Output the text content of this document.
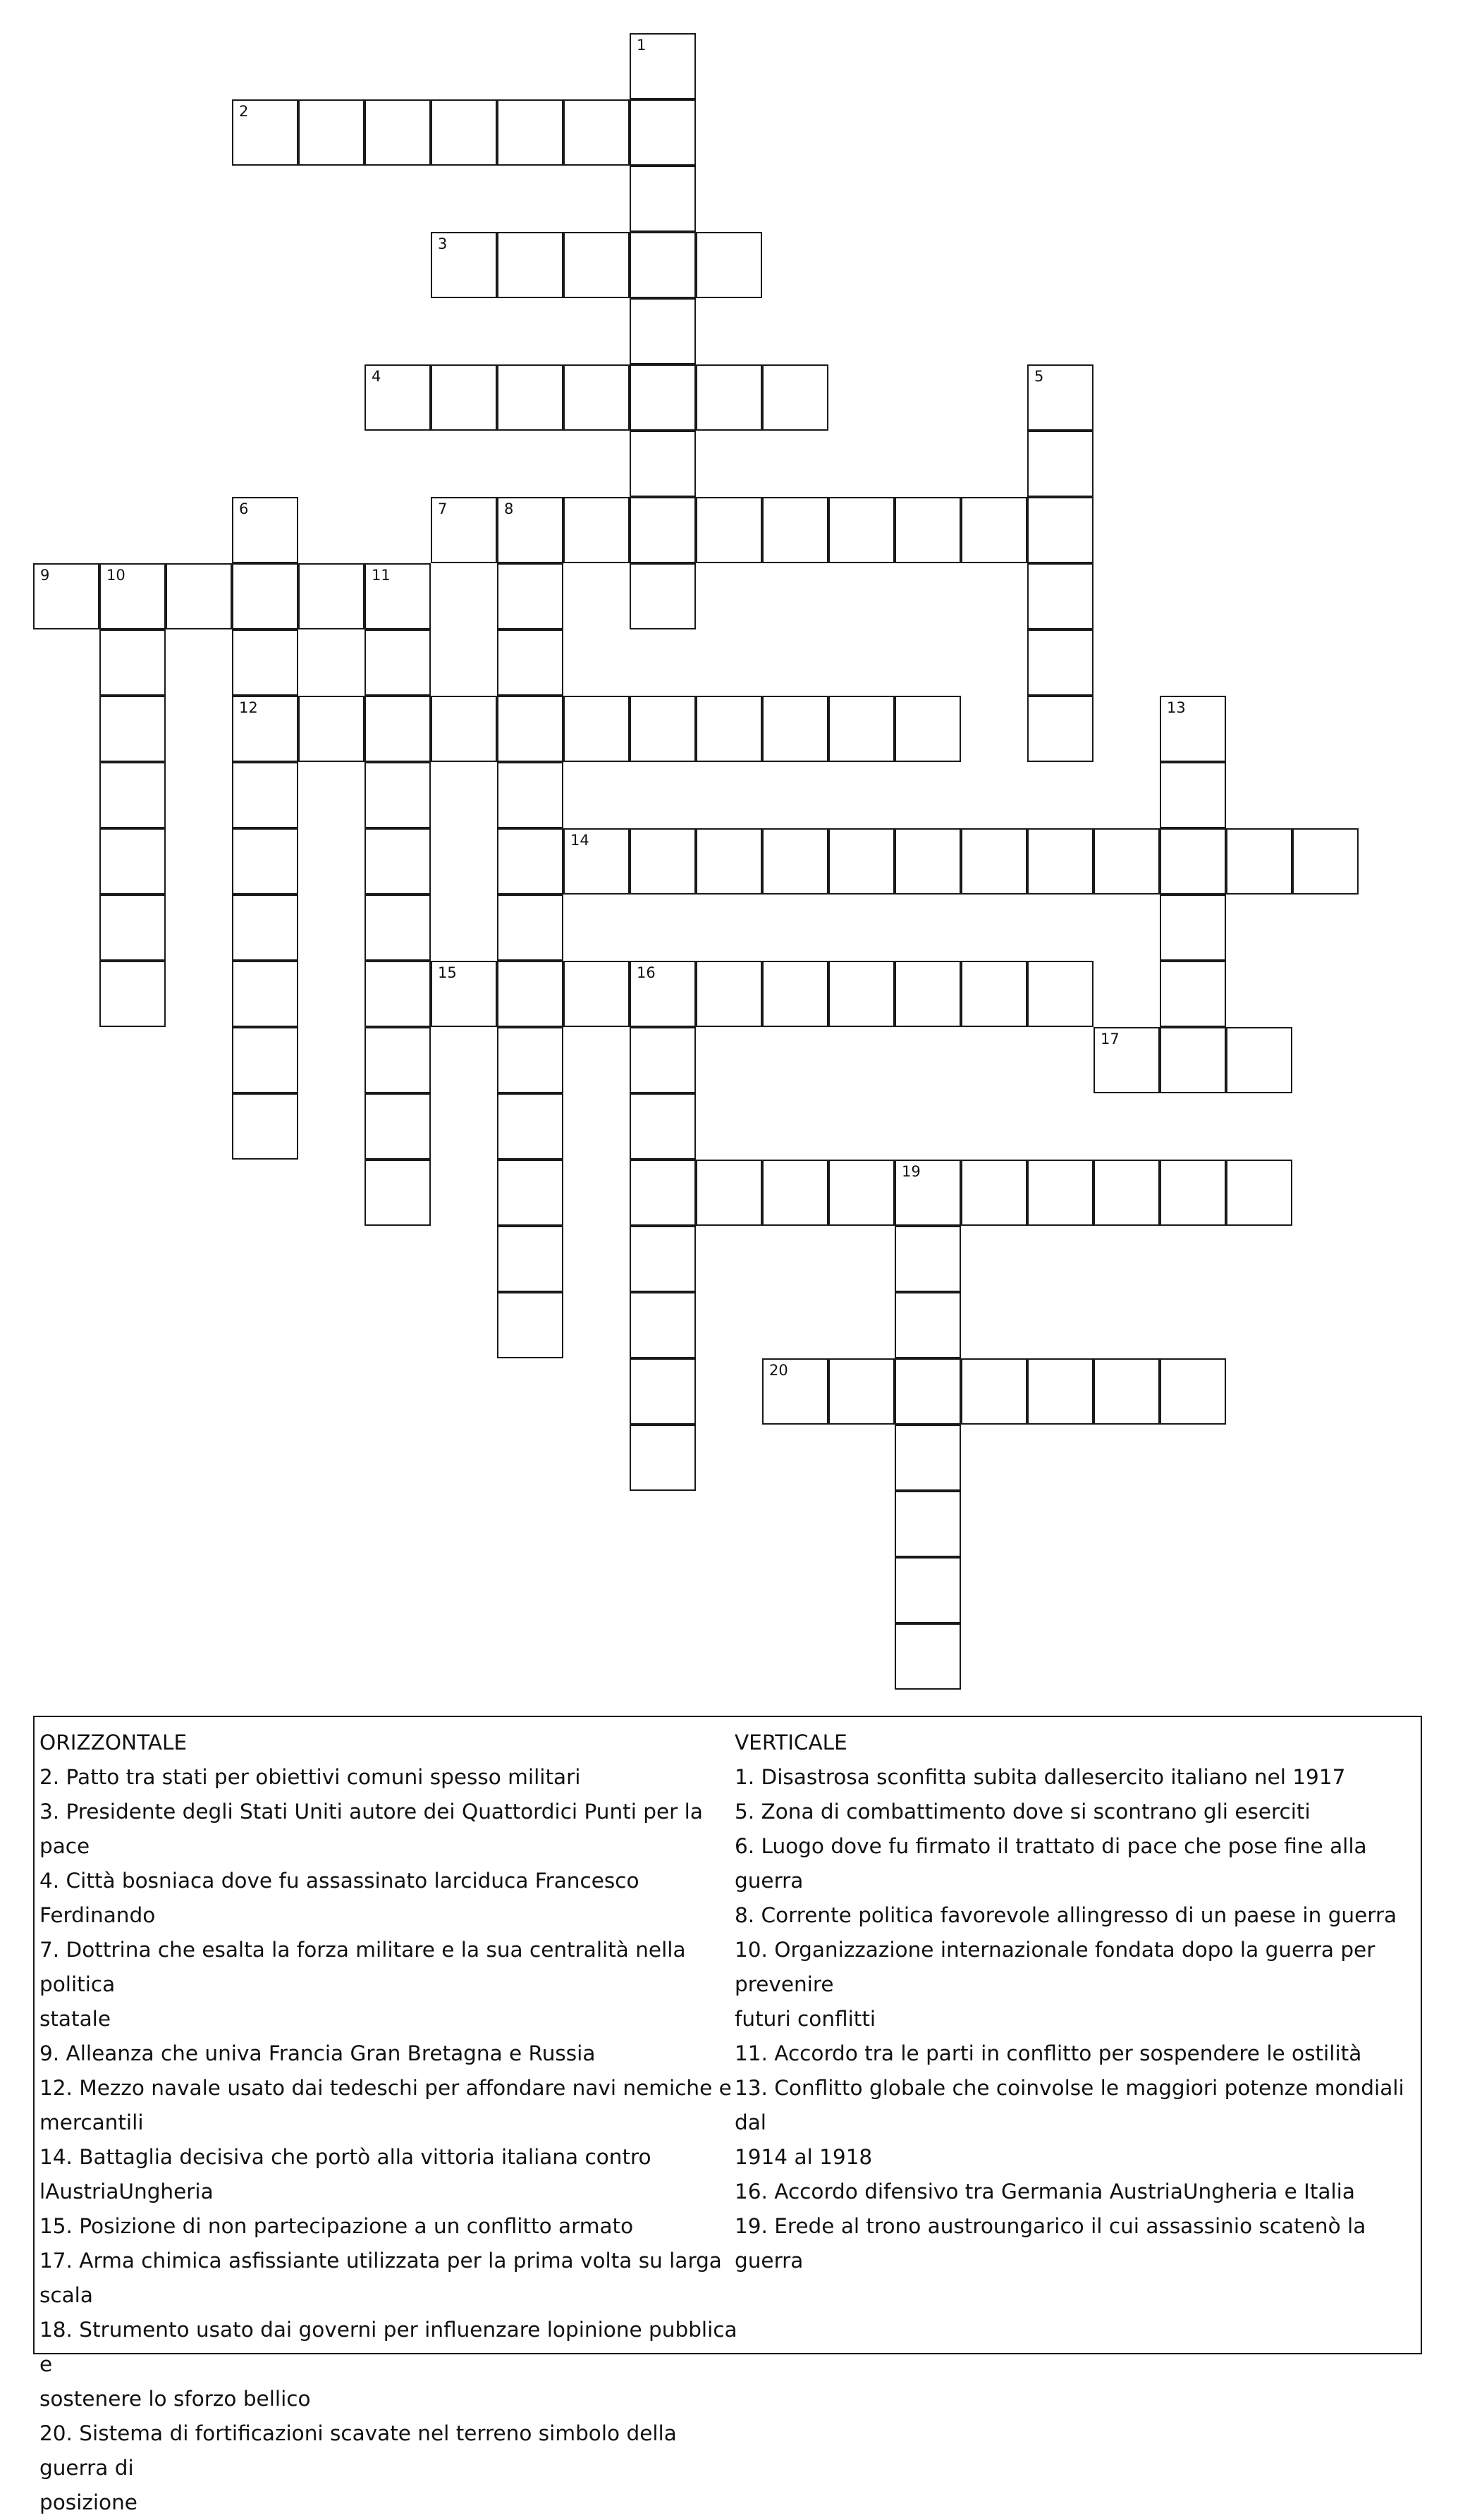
2
1
3
4	5
7	8
6
9	10	11
12	13
14
16
17
19
20
15

ORIZZONTALE

2. Patto tra stati per obiettivi comuni spesso militari

3. Presidente degli Stati Uniti autore dei Quattordici Punti per la pace

4. Città bosniaca dove fu assassinato larciduca Francesco Ferdinando

7. Dottrina che esalta la forza militare e la sua centralità nella politica

statale

9. Alleanza che univa Francia Gran Bretagna e Russia

12. Mezzo navale usato dai tedeschi per affondare navi nemiche e

mercantili

14. Battaglia decisiva che portò alla vittoria italiana contro

lAustriaUngheria

15. Posizione di non partecipazione a un conflitto armato

17. Arma chimica asfissiante utilizzata per la prima volta su larga scala

18. Strumento usato dai governi per influenzare lopinione pubblica e

sostenere lo sforzo bellico

20. Sistema di fortificazioni scavate nel terreno simbolo della guerra di

posizione

VERTICALE

1. Disastrosa sconfitta subita dallesercito italiano nel 1917

5. Zona di combattimento dove si scontrano gli eserciti

6. Luogo dove fu firmato il trattato di pace che pose fine alla guerra

8. Corrente politica favorevole allingresso di un paese in guerra

10. Organizzazione internazionale fondata dopo la guerra per prevenire

futuri conflitti

11. Accordo tra le parti in conflitto per sospendere le ostilità

13. Conflitto globale che coinvolse le maggiori potenze mondiali dal

1914 al 1918

16. Accordo difensivo tra Germania AustriaUngheria e Italia

19. Erede al trono austroungarico il cui assassinio scatenò la guerra
